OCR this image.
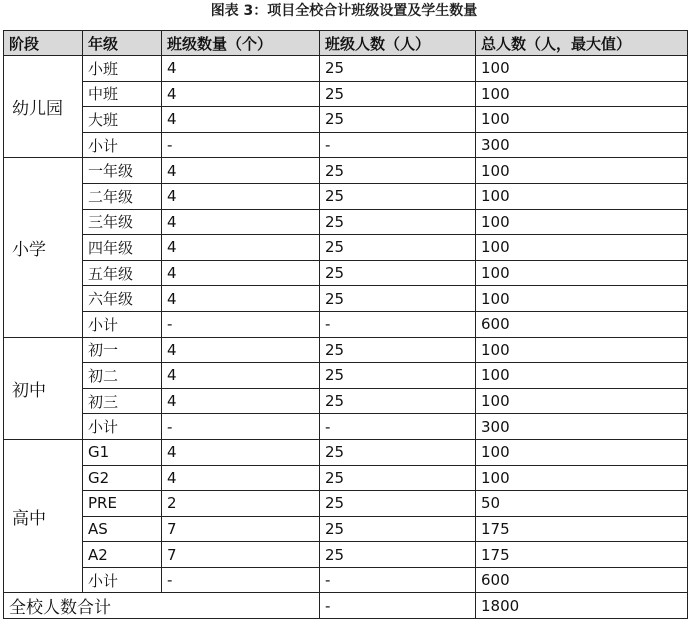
图表 3：项目全校合计班级设置及学生数量
阶段	年级	班级数量（个）	班级人数（人）	总人数（人，最大值）
幼儿园	小班	4	25	100
	中班	4	25	100
	大班	4	25	100
	小计	-	-	300
小学	一年级	4	25	100
	二年级	4	25	100
	三年级	4	25	100
	四年级	4	25	100
	五年级	4	25	100
	六年级	4	25	100
	小计	-	-	600
初中	初一	4	25	100
	初二	4	25	100
	初三	4	25	100
	小计	-	-	300
高中	G1	4	25	100
	G2	4	25	100
	PRE	2	25	50
	AS	7	25	175
	A2	7	25	175
	小计	-	-	600
全校人数合计			-	1800
